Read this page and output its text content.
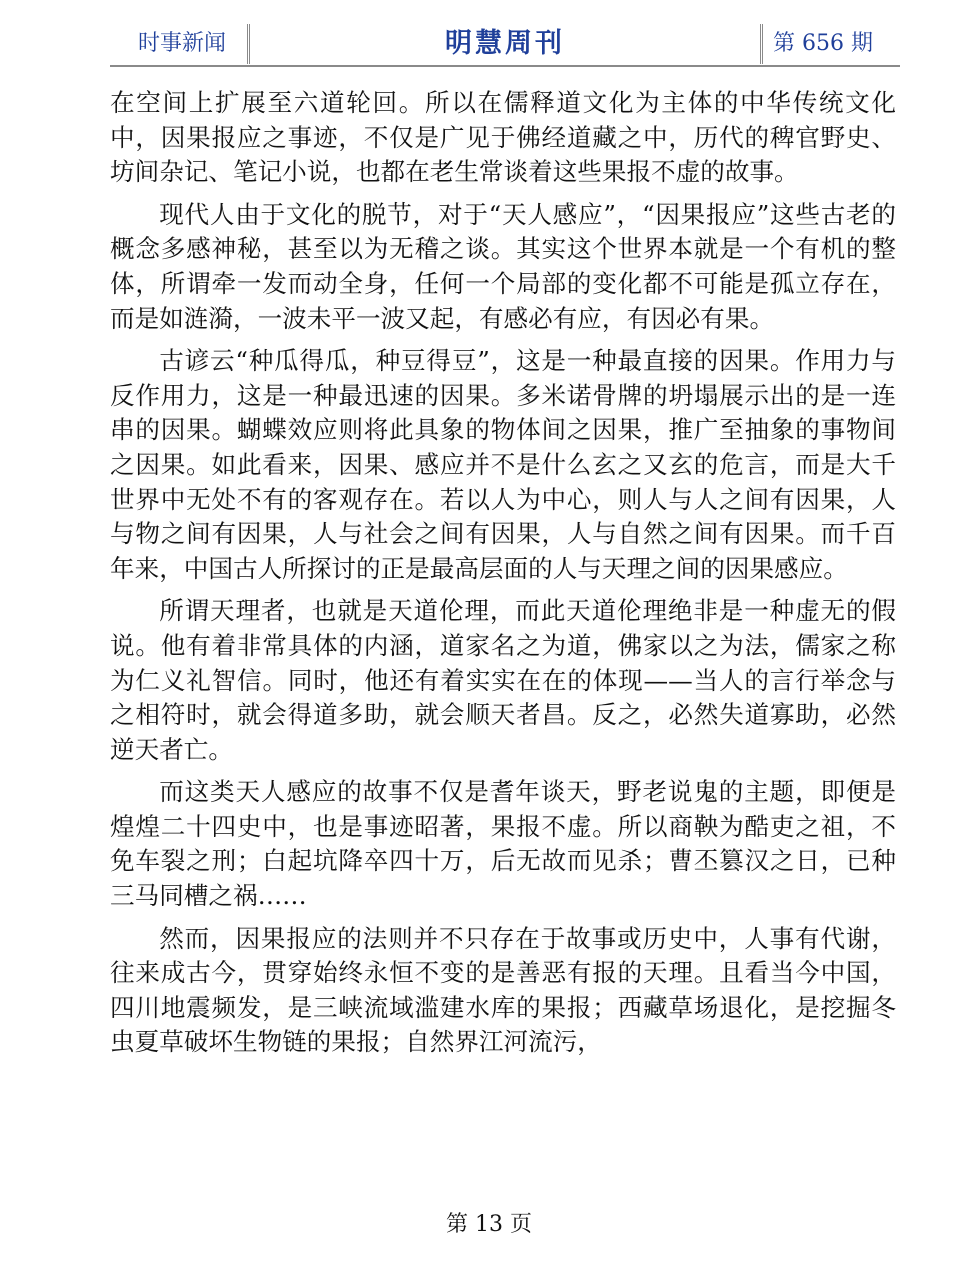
时事新闻	明慧周刊	第 656 期

在空间上扩展至六道轮回。所以在儒释道文化为主体的中华传统文化中，因果报应之事迹，不仅是广见于佛经道藏之中，历代的稗官野史、坊间杂记、笔记小说，也都在老生常谈着这些果报不虚的故事。

现代人由于文化的脱节，对于“天人感应”，“因果报应”这些古老的概念多感神秘，甚至以为无稽之谈。其实这个世界本就是一个有机的整体，所谓牵一发而动全身，任何一个局部的变化都不可能是孤立存在，而是如涟漪，一波未平一波又起，有感必有应，有因必有果。

古谚云“种瓜得瓜，种豆得豆”，这是一种最直接的因果。作用力与反作用力，这是一种最迅速的因果。多米诺骨牌的坍塌展示出的是一连串的因果。蝴蝶效应则将此具象的物体间之因果，推广至抽象的事物间之因果。如此看来，因果、感应并不是什么玄之又玄的危言，而是大千世界中无处不有的客观存在。若以人为中心，则人与人之间有因果，人与物之间有因果，人与社会之间有因果，人与自然之间有因果。而千百年来，中国古人所探讨的正是最高层面的人与天理之间的因果感应。

所谓天理者，也就是天道伦理，而此天道伦理绝非是一种虚无的假说。他有着非常具体的内涵，道家名之为道，佛家以之为法，儒家之称为仁义礼智信。同时，他还有着实实在在的体现——当人的言行举念与之相符时，就会得道多助，就会顺天者昌。反之，必然失道寡助，必然逆天者亡。

而这类天人感应的故事不仅是耆年谈天，野老说鬼的主题，即便是煌煌二十四史中，也是事迹昭著，果报不虚。所以商鞅为酷吏之祖，不免车裂之刑；白起坑降卒四十万，后无故而见杀；曹丕篡汉之日，已种三马同槽之祸……

然而，因果报应的法则并不只存在于故事或历史中，人事有代谢，往来成古今，贯穿始终永恒不变的是善恶有报的天理。且看当今中国，四川地震频发，是三峡流域滥建水库的果报；西藏草场退化，是挖掘冬虫夏草破坏生物链的果报；自然界江河流污，

第 13 页
